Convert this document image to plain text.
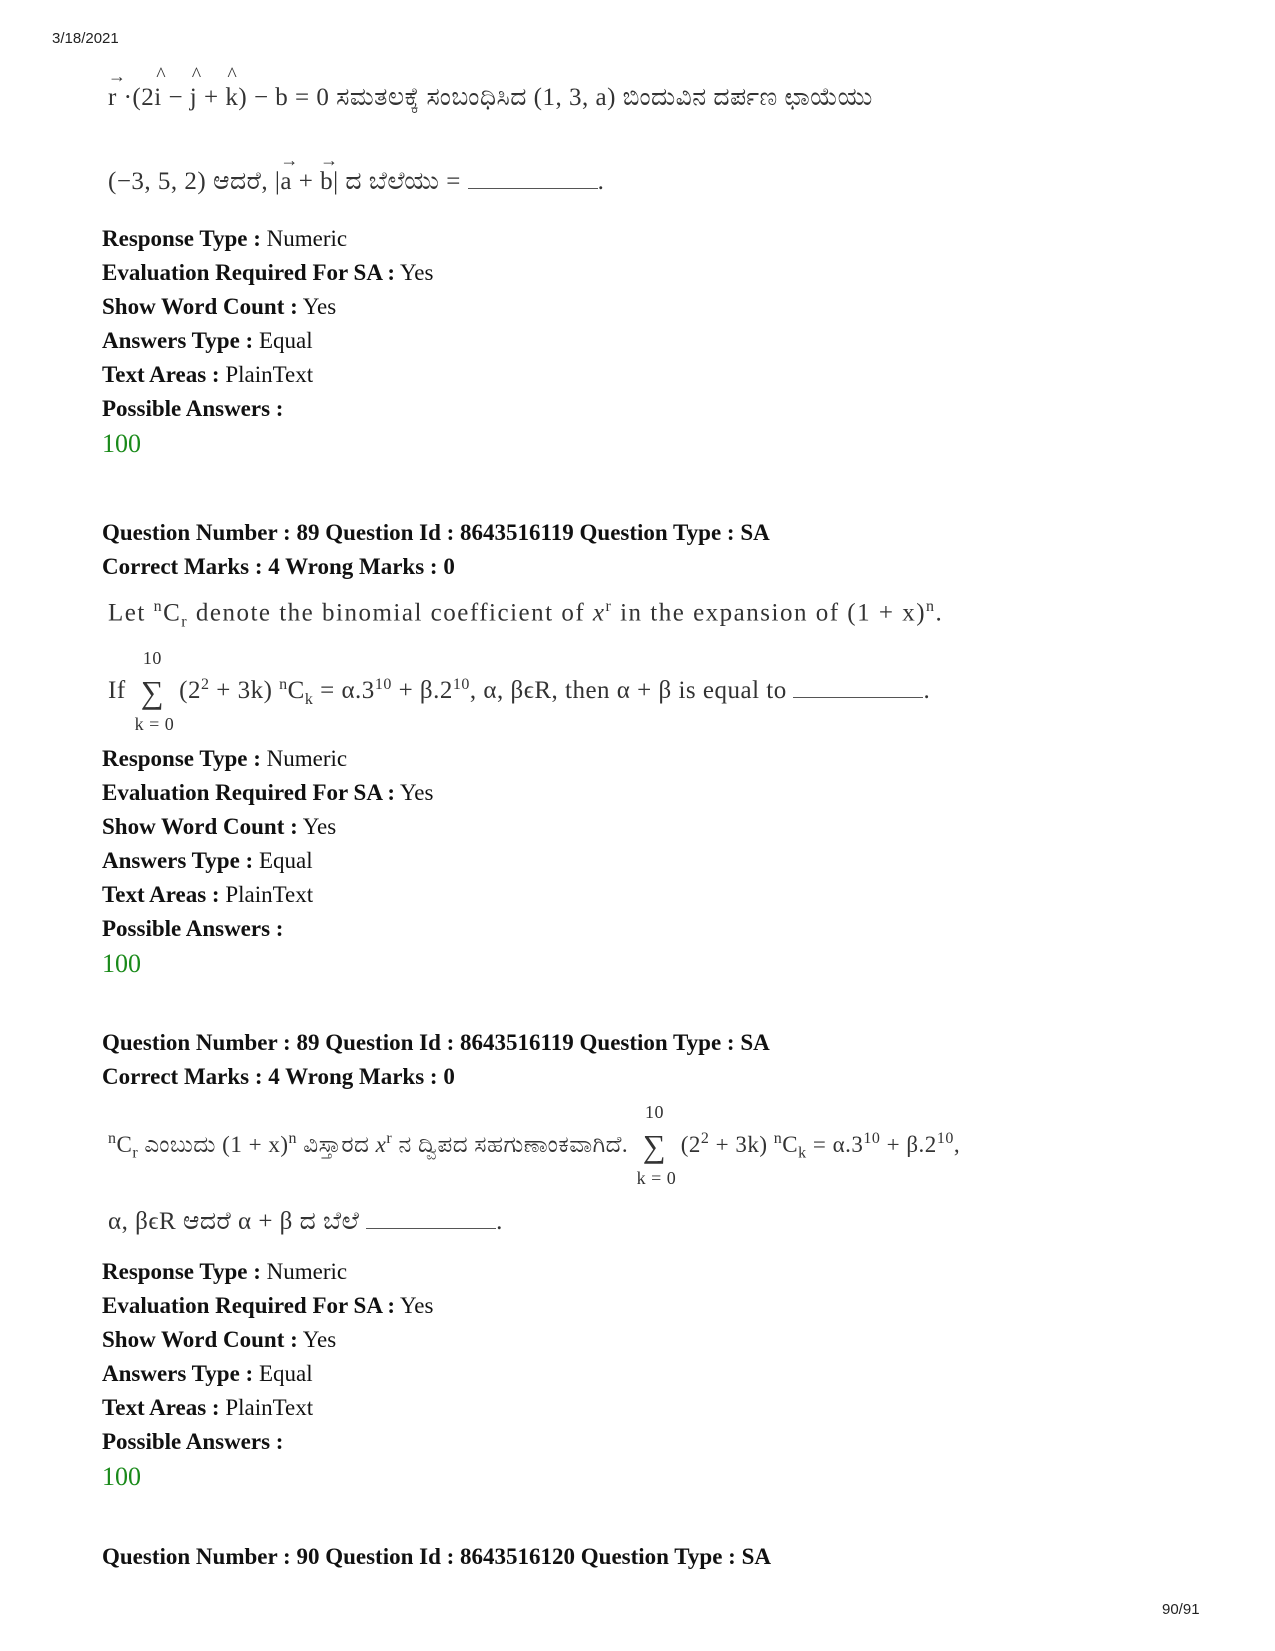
3/18/2021
→ r ·(2^ i − ^ j + ^ k) − b = 0 ಸಮತಲಕ್ಕೆ ಸಂಬಂಧಿಸಿದ (1, 3, a) ಬಿಂದುವಿನ ದರ್ಪಣ ಛಾಯೆಯು
(−3, 5, 2) ಆದರೆ, |→ a + → b| ದ ಬೆಲೆಯು =	.
Response Type : Numeric
Evaluation Required For SA : Yes
Show Word Count : Yes
Answers Type : Equal
Text Areas : PlainText
Possible Answers :
100
Question Number : 89 Question Id : 8643516119 Question Type : SA
Correct Marks : 4 Wrong Marks : 0
Let $^nC_r$ denote the binomial coefficient of $x^r$ in the expansion of $(1 + x)^n$.
If
10
∑
k = 0
$(2^2 + 3k) ^nC_k = \alpha.3^{10} + \beta.2^{10}$, α, βϵR, then α + β is equal to	.
Response Type : Numeric
Evaluation Required For SA : Yes
Show Word Count : Yes
Answers Type : Equal
Text Areas : PlainText
Possible Answers :
100
Question Number : 89 Question Id : 8643516119 Question Type : SA
Correct Marks : 4 Wrong Marks : 0
$^nC_r$ ಎಂಬುದು $(1 + x)^n$ ವಿಸ್ತಾರದ $x^r$ ನ ದ್ವಿಪದ ಸಹಗುಣಾಂಕವಾಗಿದೆ.
10
∑
k = 0
$(2^2 + 3k) ^nC_k = \alpha.3^{10} + \beta.2^{10}$,
α, βϵR ಆದರೆ α + β ದ ಬೆಲೆ	.
Response Type : Numeric
Evaluation Required For SA : Yes
Show Word Count : Yes
Answers Type : Equal
Text Areas : PlainText
Possible Answers :
100
Question Number : 90 Question Id : 8643516120 Question Type : SA
90/91
